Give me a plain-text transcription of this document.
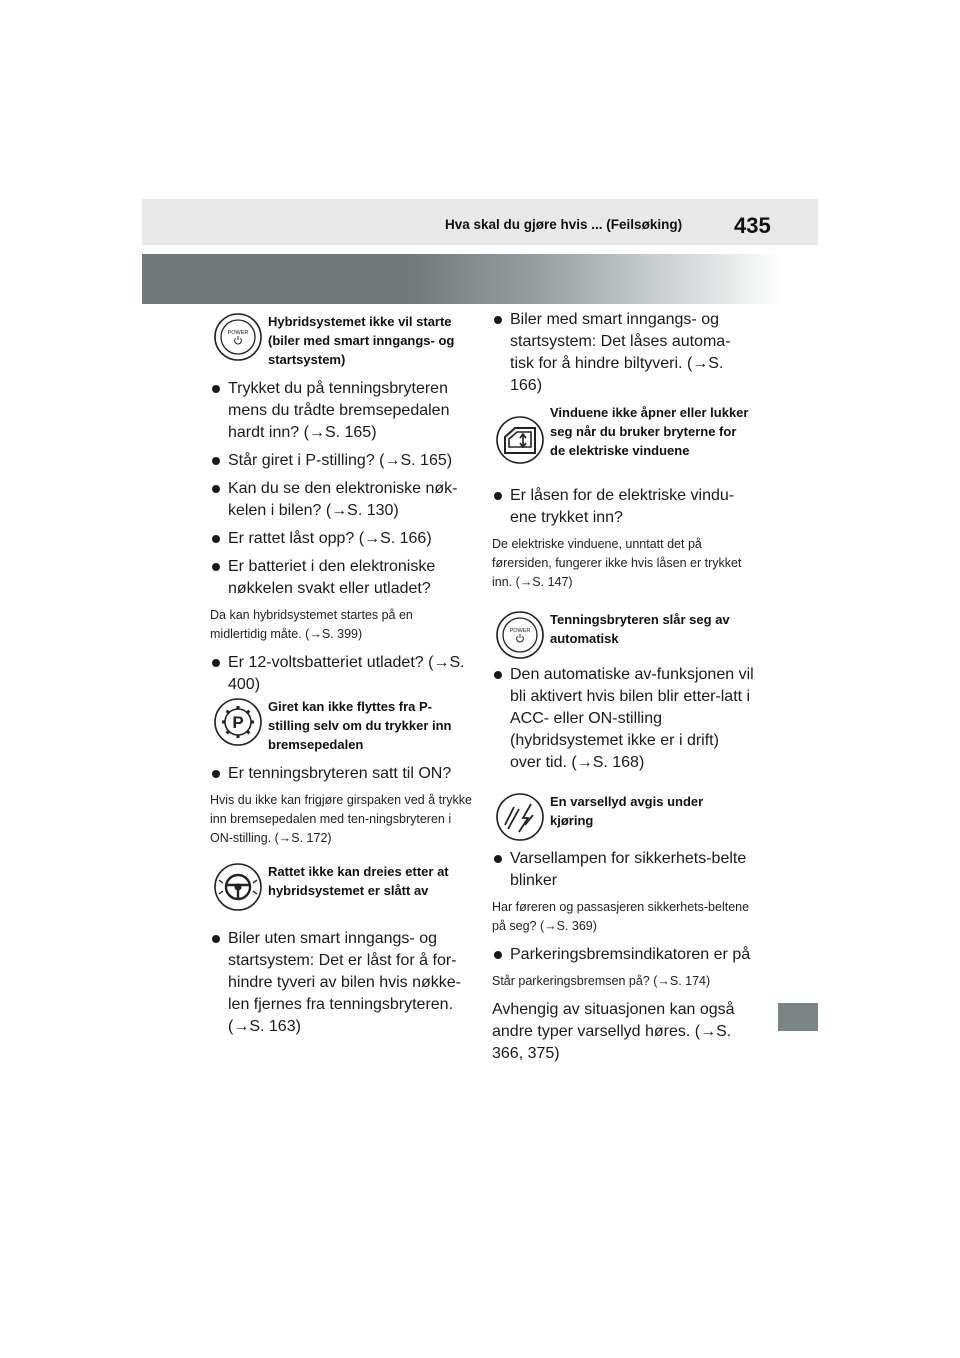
Hva skal du gjøre hvis ... (Feilsøking) 435
POWER
Hybridsystemet ikke vil starte (biler med smart inngangs- og startsystem)
Trykket du på tenningsbryteren mens du trådte bremsepedalen hardt inn? (→S. 165)
Står giret i P-stilling? (→S. 165)
Kan du se den elektroniske nøk-kelen i bilen? (→S. 130)
Er rattet låst opp? (→S. 166)
Er batteriet i den elektroniske nøkkelen svakt eller utladet?
Da kan hybridsystemet startes på en midlertidig måte. (→S. 399)
Er 12-voltsbatteriet utladet? (→S. 400)
P
Giret kan ikke flyttes fra P-stilling selv om du trykker inn bremsepedalen
Er tenningsbryteren satt til ON?
Hvis du ikke kan frigjøre girspaken ved å trykke inn bremsepedalen med ten-ningsbryteren i ON-stilling. (→S. 172)
Rattet ikke kan dreies etter at hybridsystemet er slått av
Biler uten smart inngangs- og startsystem: Det er låst for å for-hindre tyveri av bilen hvis nøkke-len fjernes fra tenningsbryteren. (→S. 163)
Biler med smart inngangs- og startsystem: Det låses automa-tisk for å hindre biltyveri. (→S. 166)
Vinduene ikke åpner eller lukker seg når du bruker bryterne for de elektriske vinduene
Er låsen for de elektriske vindu-ene trykket inn?
De elektriske vinduene, unntatt det på førersiden, fungerer ikke hvis låsen er trykket inn. (→S. 147)
POWER
Tenningsbryteren slår seg av automatisk
Den automatiske av-funksjonen vil bli aktivert hvis bilen blir etter-latt i ACC- eller ON-stilling (hybridsystemet ikke er i drift) over tid. (→S. 168)
En varsellyd avgis under kjøring
Varsellampen for sikkerhets-belte blinker
Har føreren og passasjeren sikkerhets-beltene på seg? (→S. 369)
Parkeringsbremsindikatoren er på
Står parkeringsbremsen på? (→S. 174)
Avhengig av situasjonen kan også andre typer varsellyd høres. (→S. 366, 375)
